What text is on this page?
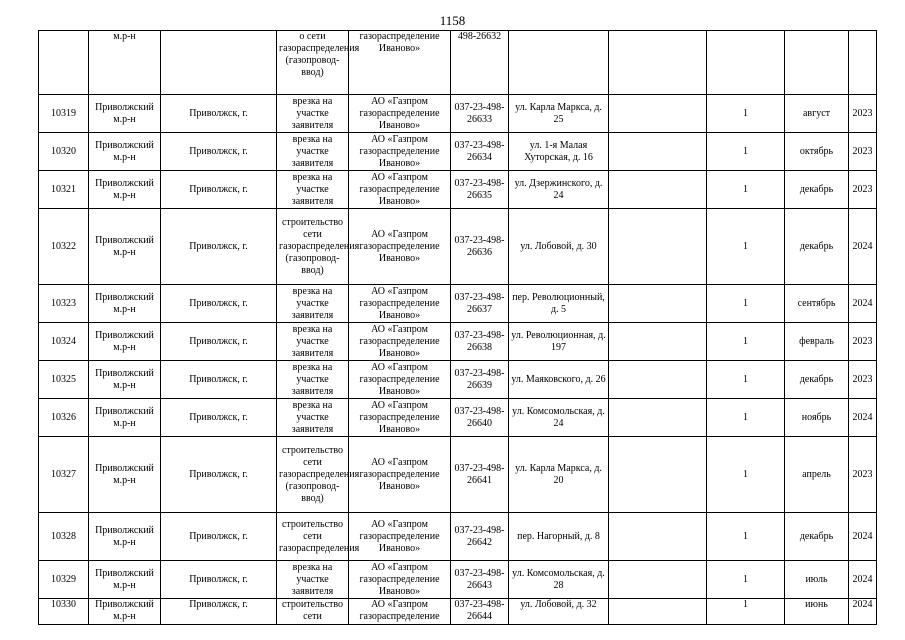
1158
	м.р-н		о сети газораспределения (газопровод-ввод)	газораспределение Иваново»	498-26632					
10319	Приволжский м.р-н	Приволжск, г.	врезка на участке заявителя	АО «Газпром газораспределение Иваново»	037-23-498-26633	ул. Карла Маркса, д. 25		1	август	2023
10320	Приволжский м.р-н	Приволжск, г.	врезка на участке заявителя	АО «Газпром газораспределение Иваново»	037-23-498-26634	ул. 1-я Малая Хуторская, д. 16		1	октябрь	2023
10321	Приволжский м.р-н	Приволжск, г.	врезка на участке заявителя	АО «Газпром газораспределение Иваново»	037-23-498-26635	ул. Дзержинского, д. 24		1	декабрь	2023
10322	Приволжский м.р-н	Приволжск, г.	строительство сети газораспределения (газопровод-ввод)	АО «Газпром газораспределение Иваново»	037-23-498-26636	ул. Лобовой, д. 30		1	декабрь	2024
10323	Приволжский м.р-н	Приволжск, г.	врезка на участке заявителя	АО «Газпром газораспределение Иваново»	037-23-498-26637	пер. Революционный, д. 5		1	сентябрь	2024
10324	Приволжский м.р-н	Приволжск, г.	врезка на участке заявителя	АО «Газпром газораспределение Иваново»	037-23-498-26638	ул. Революционная, д. 197		1	февраль	2023
10325	Приволжский м.р-н	Приволжск, г.	врезка на участке заявителя	АО «Газпром газораспределение Иваново»	037-23-498-26639	ул. Маяковского, д. 26		1	декабрь	2023
10326	Приволжский м.р-н	Приволжск, г.	врезка на участке заявителя	АО «Газпром газораспределение Иваново»	037-23-498-26640	ул. Комсомольская, д. 24		1	ноябрь	2024
10327	Приволжский м.р-н	Приволжск, г.	строительство сети газораспределения (газопровод-ввод)	АО «Газпром газораспределение Иваново»	037-23-498-26641	ул. Карла Маркса, д. 20		1	апрель	2023
10328	Приволжский м.р-н	Приволжск, г.	строительство сети газораспределения	АО «Газпром газораспределение Иваново»	037-23-498-26642	пер. Нагорный, д. 8		1	декабрь	2024
10329	Приволжский м.р-н	Приволжск, г.	врезка на участке заявителя	АО «Газпром газораспределение Иваново»	037-23-498-26643	ул. Комсомольская, д. 28		1	июль	2024
10330	Приволжский м.р-н	Приволжск, г.	строительство сети	АО «Газпром газораспределение	037-23-498-26644	ул. Лобовой, д. 32		1	июнь	2024
